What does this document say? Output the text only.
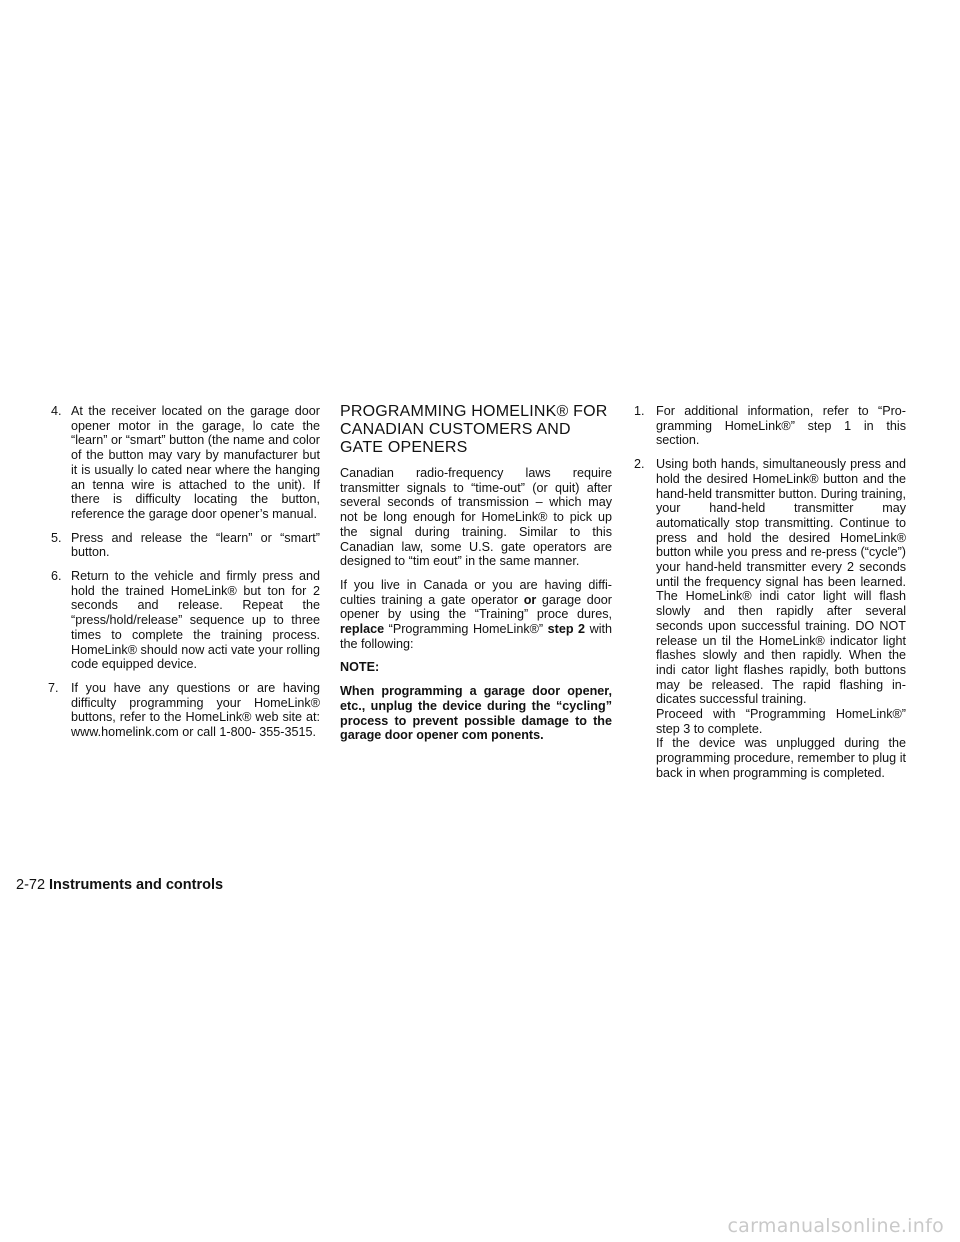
4. At the receiver located on the garage door opener motor in the garage, lo cate the “learn” or “smart” button (the name and color of the button may vary by manufacturer but it is usually lo cated near where the hanging an tenna wire is attached to the unit). If there is difficulty locating the button, reference the garage door opener’s manual.

5. Press and release the “learn” or “smart” button.

6. Return to the vehicle and firmly press and hold the trained HomeLink® but ton for 2 seconds and release. Repeat the “press/hold/release” sequence up to three times to complete the training process. HomeLink® should now acti vate your rolling code equipped device.

7. If you have any questions or are having difficulty programming your HomeLink® buttons, refer to the HomeLink® web site at: www.homelink.com or call 1-800- 355-3515.

PROGRAMMING HOMELINK® FOR CANADIAN CUSTOMERS AND GATE OPENERS

Canadian radio-frequency laws require transmitter signals to “time-out” (or quit) after several seconds of transmission – which may not be long enough for HomeLink® to pick up the signal during training. Similar to this Canadian law, some U.S. gate operators are designed to “tim eout” in the same manner.

If you live in Canada or you are having diffi culties training a gate operator or garage door opener by using the “Training” proce dures, replace “Programming HomeLink®” step 2 with the following:

NOTE:

When programming a garage door opener, etc., unplug the device during the “cycling” process to prevent possible damage to the garage door opener com ponents.

1. For additional information, refer to “Pro gramming HomeLink®” step 1 in this section.

2. Using both hands, simultaneously press and hold the desired HomeLink® button and the hand-held transmitter button. During training, your hand-held transmitter may automatically stop transmitting. Continue to press and hold the desired HomeLink® button while you press and re-press (“cycle”) your hand-held transmitter every 2 seconds until the frequency signal has been learned. The HomeLink® indi cator light will flash slowly and then rapidly after several seconds upon successful training. DO NOT release un til the HomeLink® indicator light flashes slowly and then rapidly. When the indi cator light flashes rapidly, both buttons may be released. The rapid flashing in dicates successful training.

Proceed with “Programming HomeLink®” step 3 to complete.

If the device was unplugged during the programming procedure, remember to plug it back in when programming is completed.

2-72 Instruments and controls
carmanualsonline.info
